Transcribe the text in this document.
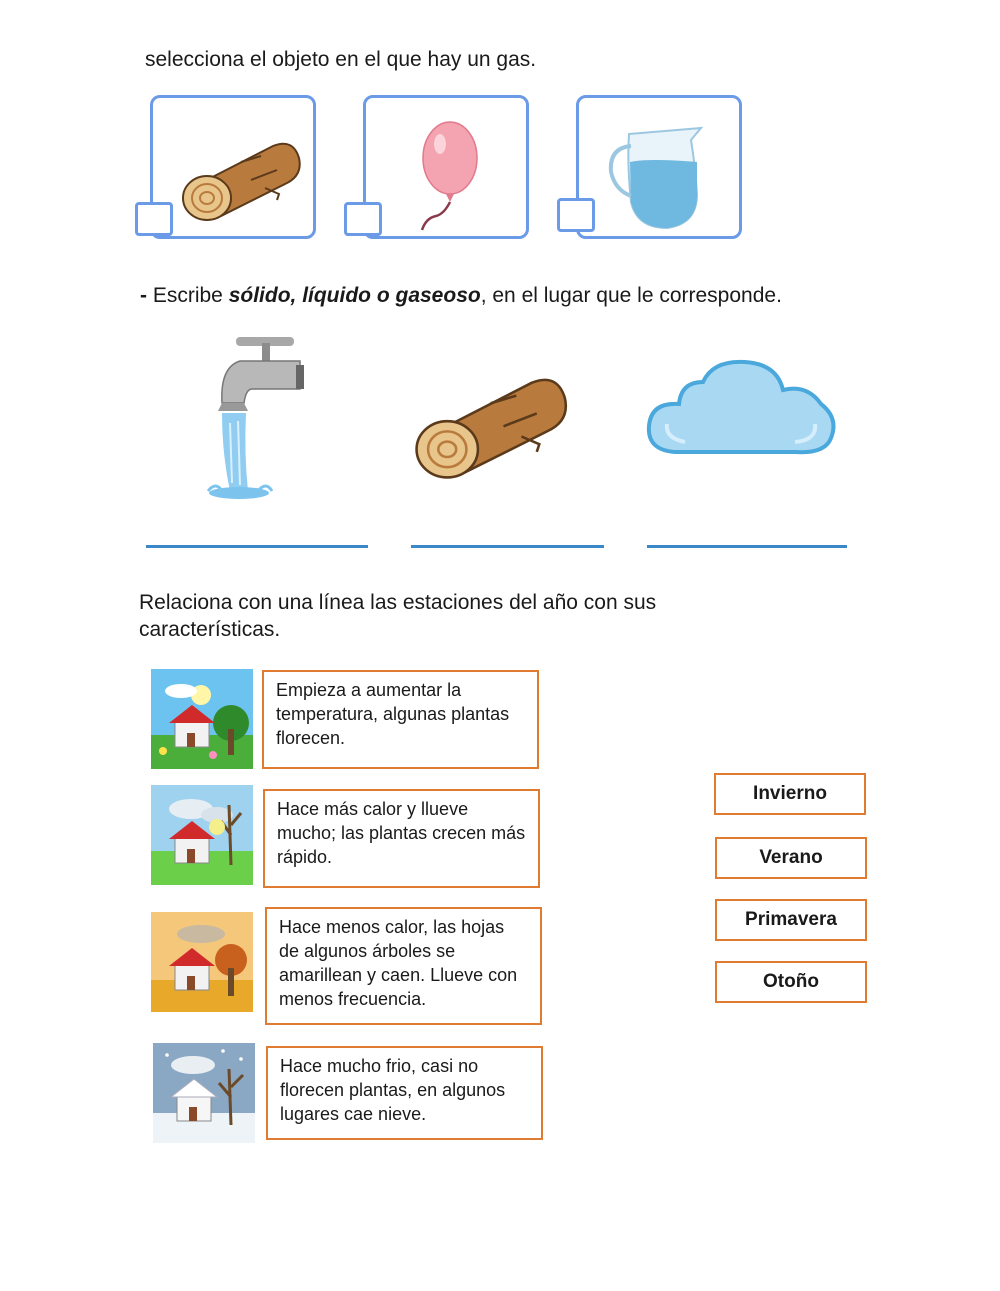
selecciona el objeto en el que hay un gas.
- Escribe sólido, líquido o gaseoso, en el lugar que le corresponde.
Relaciona con una línea las estaciones del año con sus
características.
Empieza a aumentar la temperatura, algunas plantas florecen.
Hace más calor y llueve mucho; las plantas crecen más rápido.
Hace menos calor, las hojas de algunos árboles se amarillean y caen. Llueve con menos frecuencia.
Hace mucho frio, casi no florecen plantas, en algunos lugares cae nieve.
Invierno
Verano
Primavera
Otoño
